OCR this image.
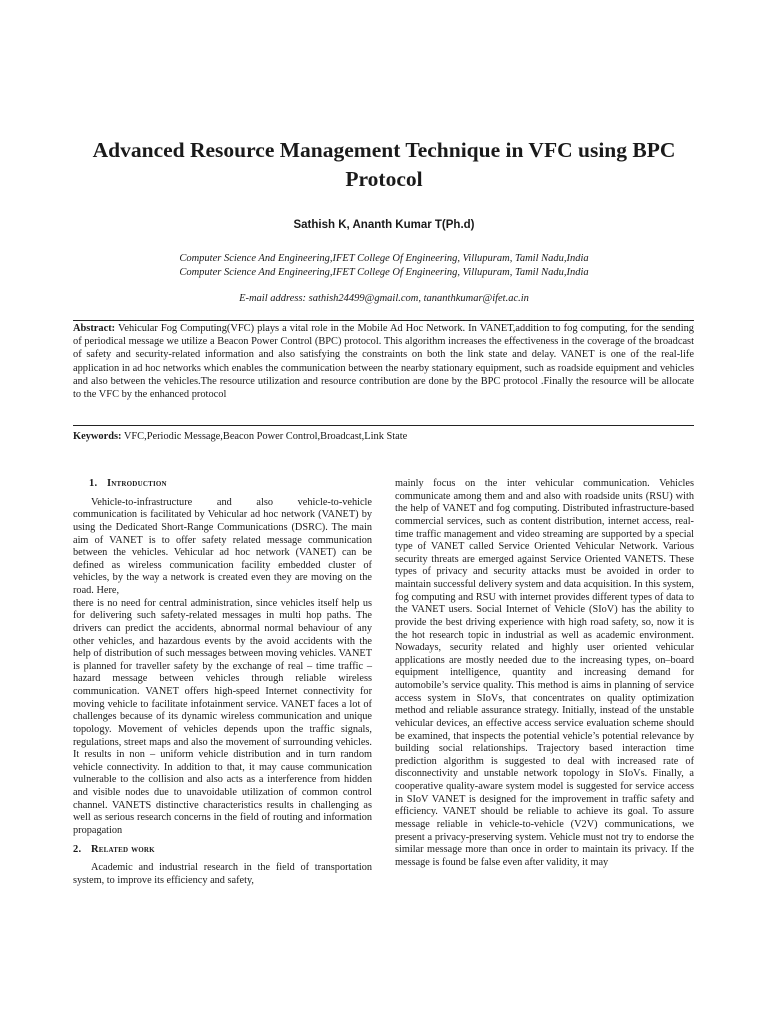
Advanced Resource Management Technique in VFC using BPC Protocol

Sathish K, Ananth Kumar T(Ph.d)

Computer Science And Engineering,IFET College Of Engineering, Villupuram, Tamil Nadu,India

Computer Science And Engineering,IFET College Of Engineering, Villupuram, Tamil Nadu,India

E-mail address: sathish24499@gmail.com, tananthkumar@ifet.ac.in

Abstract: Vehicular Fog Computing(VFC) plays a vital role in the Mobile Ad Hoc Network. In VANET,addition to fog computing, for the sending of periodical message we utilize a Beacon Power Control (BPC) protocol. This algorithm increases the effectiveness in the coverage of the broadcast of safety and security-related information and also satisfying the constraints on both the link state and delay. VANET is one of the real-life application in ad hoc networks which enables the communication between the nearby stationary equipment, such as roadside equipment and vehicles and also between the vehicles.The resource utilization and resource contribution are done by the BPC protocol .Finally the resource will be allocate to the VFC by the enhanced protocol

Keywords: VFC,Periodic Message,Beacon Power Control,Broadcast,Link State

1. Introduction

Vehicle-to-infrastructure and also vehicle-to-vehicle communication is facilitated by Vehicular ad hoc network (VANET) by using the Dedicated Short-Range Communications (DSRC). The main aim of VANET is to offer safety related message communication between the vehicles. Vehicular ad hoc network (VANET) can be defined as wireless communication facility embedded cluster of vehicles, by the way a network is created even they are moving on the road. Here,

there is no need for central administration, since vehicles itself help us for delivering such safety-related messages in multi hop paths. The drivers can predict the accidents, abnormal normal behaviour of any other vehicles, and hazardous events by the avoid accidents with the help of distribution of such messages between moving vehicles. VANET is planned for traveller safety by the exchange of real – time traffic – hazard message between vehicles through reliable wireless communication. VANET offers high-speed Internet connectivity for moving vehicle to facilitate infotainment service. VANET faces a lot of challenges because of its dynamic wireless communication and unique topology. Movement of vehicles depends upon the traffic signals, regulations, street maps and also the movement of surrounding vehicles. It results in non – uniform vehicle distribution and in turn random vehicle connectivity. In addition to that, it may cause communication vulnerable to the collision and also acts as a interference from hidden and visible nodes due to unavoidable utilization of common control channel. VANETS distinctive characteristics results in challenging as well as serious research concerns in the field of routing and information propagation

2. Related work

Academic and industrial research in the field of transportation system, to improve its efficiency and safety,

mainly focus on the inter vehicular communication. Vehicles communicate among them and and also with roadside units (RSU) with the help of VANET and fog computing. Distributed infrastructure-based commercial services, such as content distribution, internet access, real-time traffic management and video streaming are supported by a special type of VANET called Service Oriented Vehicular Network. Various security threats are emerged against Service Oriented VANETS. These types of privacy and security attacks must be avoided in order to maintain successful delivery system and data acquisition. In this system, fog computing and RSU with internet provides different types of data to the VANET users. Social Internet of Vehicle (SIoV) has the ability to provide the best driving experience with high road safety, so, now it is the hot research topic in industrial as well as academic environment. Nowadays, security related and highly user oriented vehicular applications are mostly needed due to the increasing types, on–board equipment intelligence, quantity and increasing demand for automobile’s service quality. This method is aims in planning of service access system in SIoVs, that concentrates on quality optimization method and reliable assurance strategy. Initially, instead of the unstable vehicular devices, an effective access service evaluation scheme should be examined, that inspects the potential vehicle’s potential relevance by building social relationships. Trajectory based interaction time prediction algorithm is suggested to deal with increased rate of disconnectivity and unstable network topology in SIoVs. Finally, a cooperative quality-aware system model is suggested for service access in SIoV VANET is designed for the improvement in traffic safety and efficiency. VANET should be reliable to achieve its goal. To assure message reliable in vehicle-to-vehicle (V2V) communications, we present a privacy-preserving system. Vehicle must not try to endorse the similar message more than once in order to maintain its privacy. If the message is found be false even after validity, it may
